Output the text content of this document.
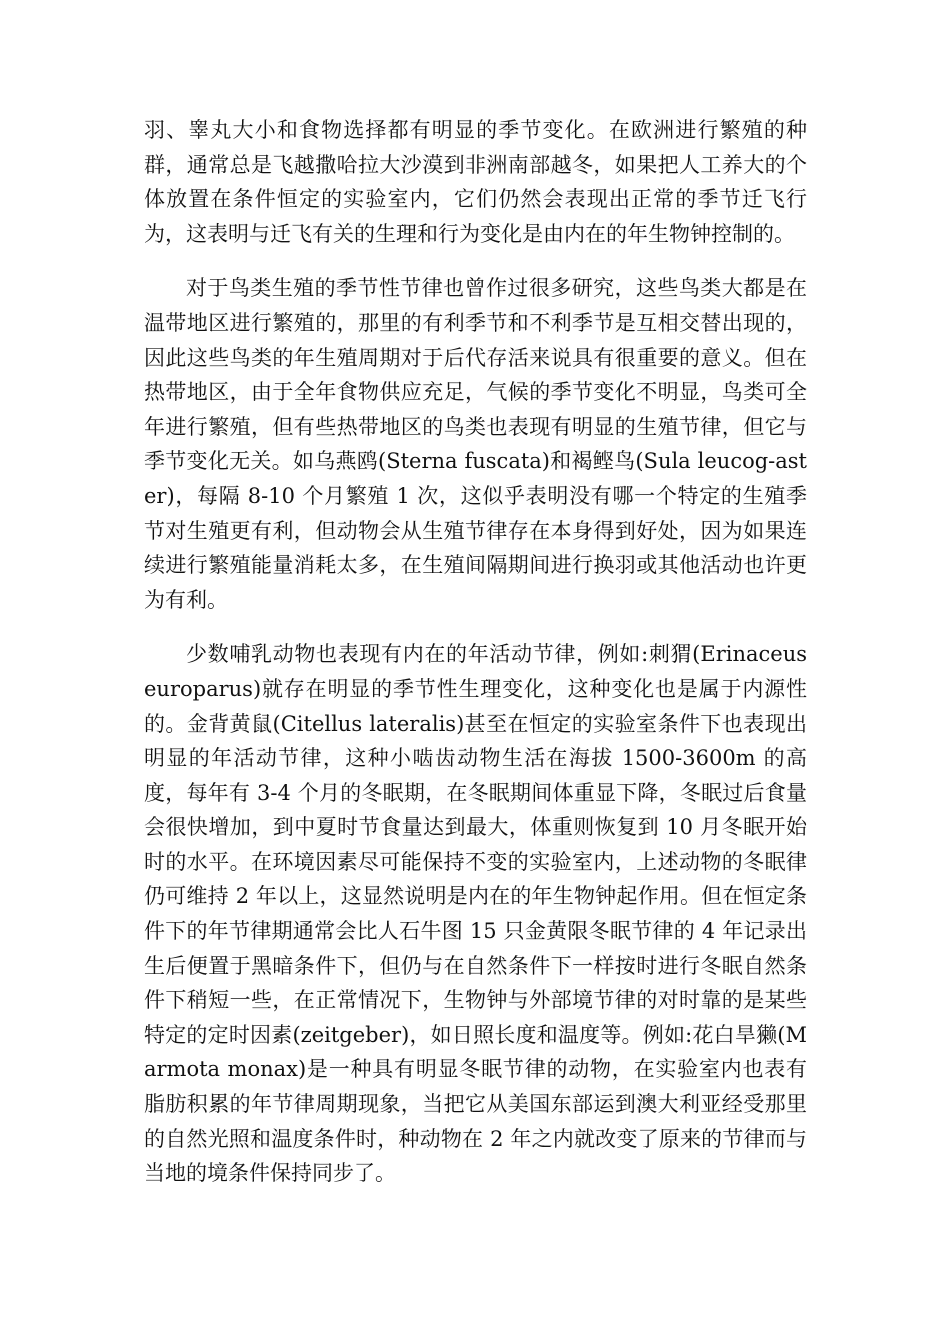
羽、睾丸大小和食物选择都有明显的季节变化。在欧洲进行繁殖的种群，通常总是飞越撒哈拉大沙漠到非洲南部越冬，如果把人工养大的个体放置在条件恒定的实验室内，它们仍然会表现出正常的季节迁飞行为，这表明与迁飞有关的生理和行为变化是由内在的年生物钟控制的。

对于鸟类生殖的季节性节律也曾作过很多研究，这些鸟类大都是在温带地区进行繁殖的，那里的有利季节和不利季节是互相交替出现的，因此这些鸟类的年生殖周期对于后代存活来说具有很重要的意义。但在热带地区，由于全年食物供应充足，气候的季节变化不明显，鸟类可全年进行繁殖，但有些热带地区的鸟类也表现有明显的生殖节律，但它与季节变化无关。如乌燕鸥(Sterna fuscata)和褐鲣鸟(Sula leucog-aster)，每隔 8-10 个月繁殖 1 次，这似乎表明没有哪一个特定的生殖季节对生殖更有利，但动物会从生殖节律存在本身得到好处，因为如果连续进行繁殖能量消耗太多，在生殖间隔期间进行换羽或其他活动也许更为有利。

少数哺乳动物也表现有内在的年活动节律，例如:刺猬(Erinaceus europarus)就存在明显的季节性生理变化，这种变化也是属于内源性的。金背黄鼠(Citellus lateralis)甚至在恒定的实验室条件下也表现出明显的年活动节律，这种小啮齿动物生活在海拔 1500-3600m 的高度，每年有 3-4 个月的冬眠期，在冬眠期间体重显下降，冬眠过后食量会很快增加，到中夏时节食量达到最大，体重则恢复到 10 月冬眠开始时的水平。在环境因素尽可能保持不变的实验室内，上述动物的冬眠律仍可维持 2 年以上，这显然说明是内在的年生物钟起作用。但在恒定条件下的年节律期通常会比人石牛图 15 只金黄限冬眠节律的 4 年记录出生后便置于黑暗条件下，但仍与在自然条件下一样按时进行冬眠自然条件下稍短一些，在正常情况下，生物钟与外部境节律的对时靠的是某些特定的定时因素(zeitgeber)，如日照长度和温度等。例如:花白旱獭(Marmota monax)是一种具有明显冬眠节律的动物，在实验室内也表有脂肪积累的年节律周期现象，当把它从美国东部运到澳大利亚经受那里的自然光照和温度条件时，种动物在 2 年之内就改变了原来的节律而与当地的境条件保持同步了。
